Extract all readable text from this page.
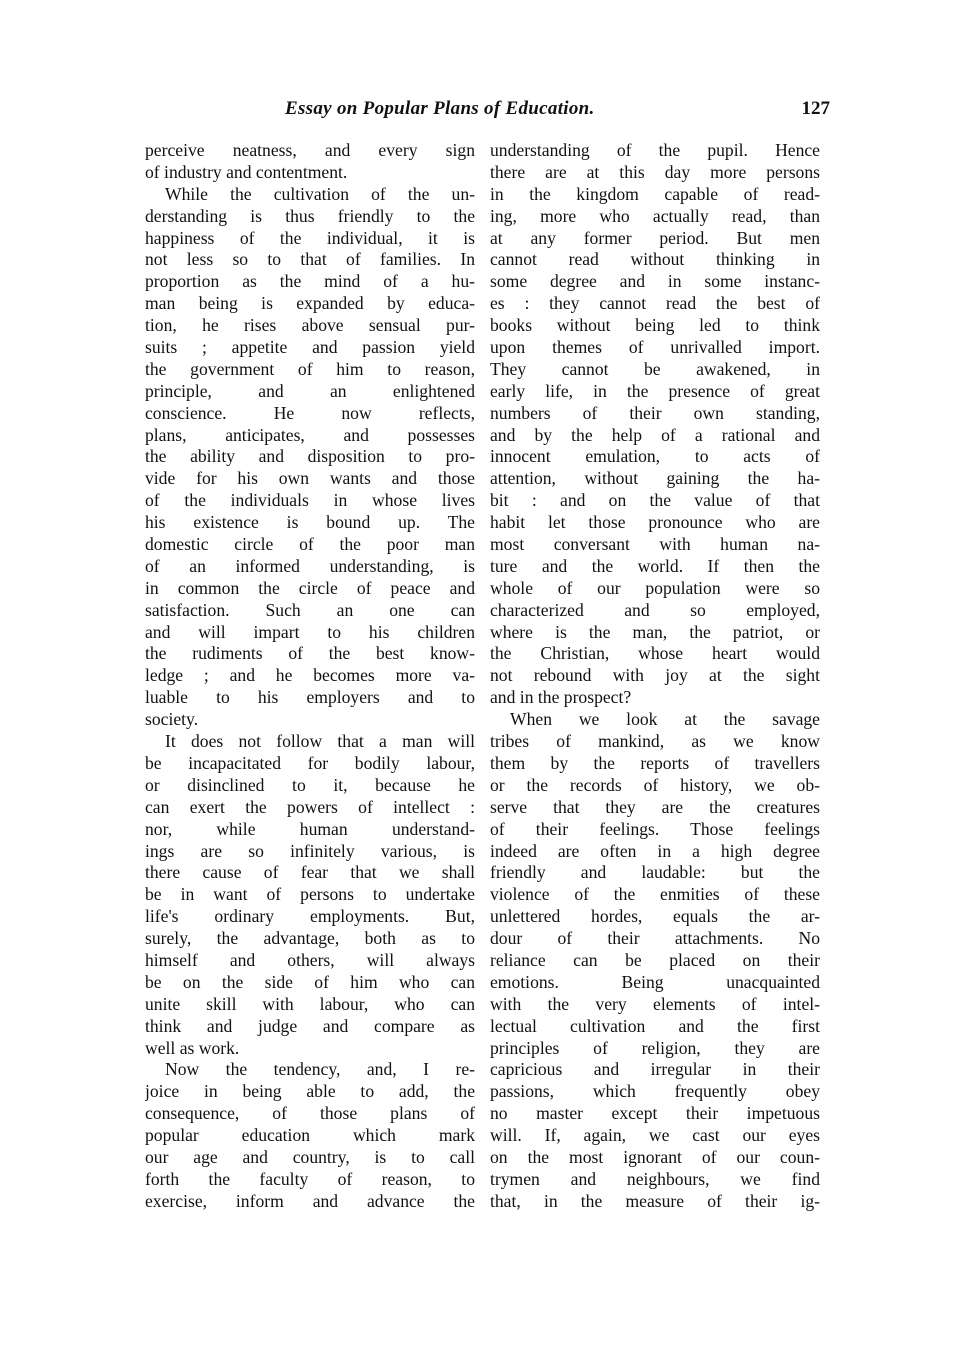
Essay on Popular Plans of Education.	127
perceive neatness, and every sign
of industry and contentment.
While the cultivation of the un-
derstanding is thus friendly to the
happiness of the individual, it is
not less so to that of families. In
proportion as the mind of a hu-
man being is expanded by educa-
tion, he rises above sensual pur-
suits ; appetite and passion yield
the government of him to reason,
principle, and an enlightened
conscience. He now reflects,
plans, anticipates, and possesses
the ability and disposition to pro-
vide for his own wants and those
of the individuals in whose lives
his existence is bound up. The
domestic circle of the poor man
of an informed understanding, is
in common the circle of peace and
satisfaction. Such an one can
and will impart to his children
the rudiments of the best know-
ledge ; and he becomes more va-
luable to his employers and to
society.
It does not follow that a man will
be incapacitated for bodily labour,
or disinclined to it, because he
can exert the powers of intellect :
nor, while human understand-
ings are so infinitely various, is
there cause of fear that we shall
be in want of persons to undertake
life's ordinary employments. But,
surely, the advantage, both as to
himself and others, will always
be on the side of him who can
unite skill with labour, who can
think and judge and compare as
well as work.
Now the tendency, and, I re-
joice in being able to add, the
consequence, of those plans of
popular education which mark
our age and country, is to call
forth the faculty of reason, to
exercise, inform and advance the
understanding of the pupil. Hence
there are at this day more persons
in the kingdom capable of read-
ing, more who actually read, than
at any former period. But men
cannot read without thinking in
some degree and in some instanc-
es : they cannot read the best of
books without being led to think
upon themes of unrivalled import.
They cannot be awakened, in
early life, in the presence of great
numbers of their own standing,
and by the help of a rational and
innocent emulation, to acts of
attention, without gaining the ha-
bit : and on the value of that
habit let those pronounce who are
most conversant with human na-
ture and the world. If then the
whole of our population were so
characterized and so employed,
where is the man, the patriot, or
the Christian, whose heart would
not rebound with joy at the sight
and in the prospect?
When we look at the savage
tribes of mankind, as we know
them by the reports of travellers
or the records of history, we ob-
serve that they are the creatures
of their feelings. Those feelings
indeed are often in a high degree
friendly and laudable: but the
violence of the enmities of these
unlettered hordes, equals the ar-
dour of their attachments. No
reliance can be placed on their
emotions. Being unacquainted
with the very elements of intel-
lectual cultivation and the first
principles of religion, they are
capricious and irregular in their
passions, which frequently obey
no master except their impetuous
will. If, again, we cast our eyes
on the most ignorant of our coun-
trymen and neighbours, we find
that, in the measure of their ig-
